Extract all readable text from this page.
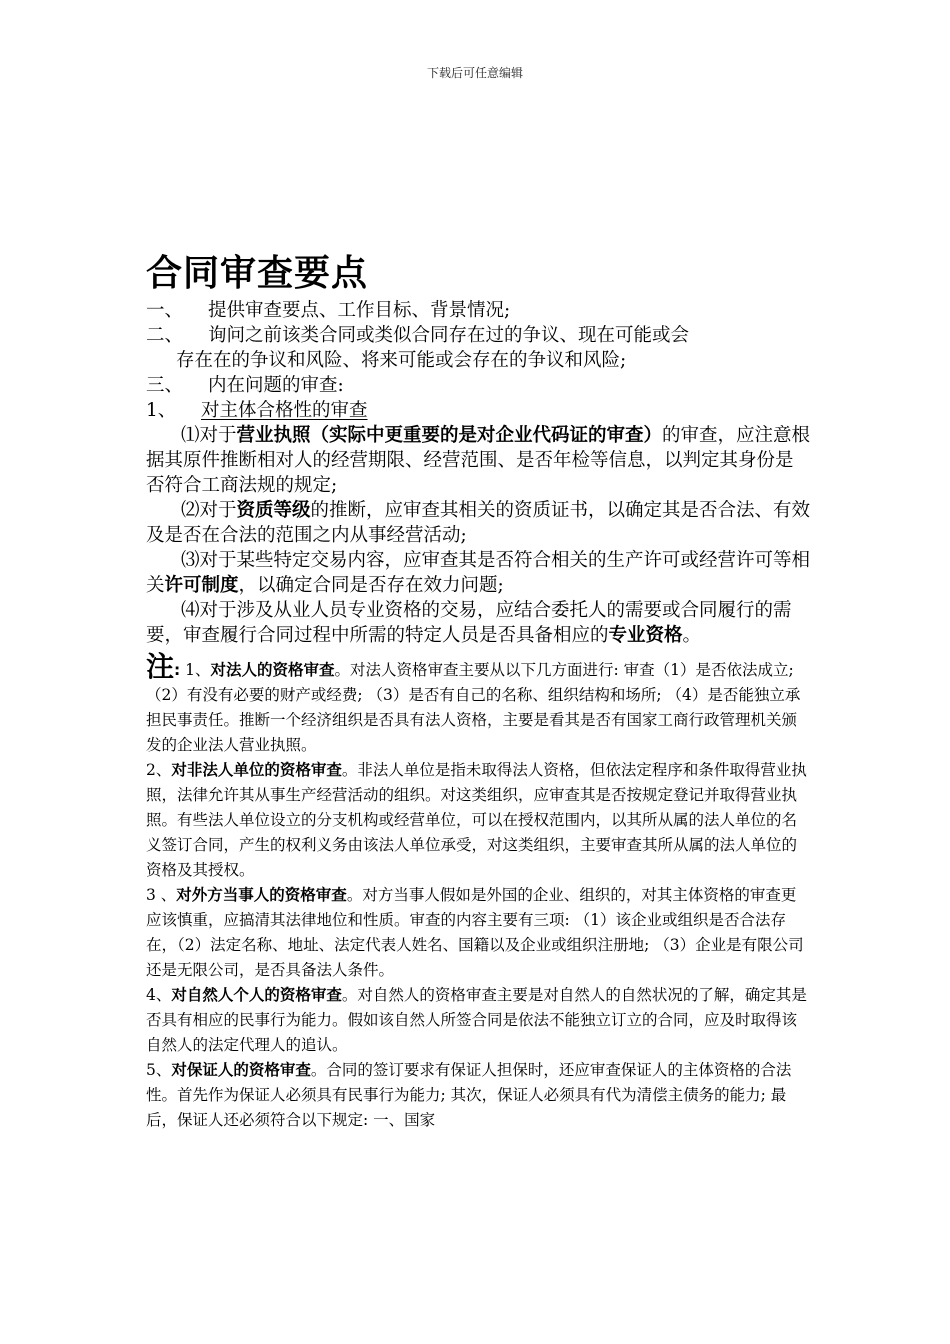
下载后可任意编辑
合同审查要点
一、 提供审查要点、工作目标、背景情况;
二、 询问之前该类合同或类似合同存在过的争议、现在可能或会
存在在的争议和风险、将来可能或会存在的争议和风险;
三、 内在问题的审查:
1、 对主体合格性的审查

⑴对于营业执照（实际中更重要的是对企业代码证的审查）的审查，应注意根据其原件推断相对人的经营期限、经营范围、是否年检等信息，以判定其身份是否符合工商法规的规定;

⑵对于资质等级的推断，应审查其相关的资质证书，以确定其是否合法、有效及是否在合法的范围之内从事经营活动;

⑶对于某些特定交易内容，应审查其是否符合相关的生产许可或经营许可等相关许可制度，以确定合同是否存在效力问题;

⑷对于涉及从业人员专业资格的交易，应结合委托人的需要或合同履行的需要，审查履行合同过程中所需的特定人员是否具备相应的专业资格。

注: 1、对法人的资格审查。对法人资格审查主要从以下几方面进行: 审查（1）是否依法成立; （2）有没有必要的财产或经费; （3）是否有自己的名称、组织结构和场所; （4）是否能独立承担民事责任。推断一个经济组织是否具有法人资格，主要是看其是否有国家工商行政管理机关颁发的企业法人营业执照。

2、对非法人单位的资格审查。非法人单位是指未取得法人资格，但依法定程序和条件取得营业执照，法律允许其从事生产经营活动的组织。对这类组织，应审查其是否按规定登记并取得营业执照。有些法人单位设立的分支机构或经营单位，可以在授权范围内，以其所从属的法人单位的名义签订合同，产生的权利义务由该法人单位承受，对这类组织，主要审查其所从属的法人单位的资格及其授权。

3 、对外方当事人的资格审查。对方当事人假如是外国的企业、组织的，对其主体资格的审查更应该慎重，应搞清其法律地位和性质。审查的内容主要有三项: （1）该企业或组织是否合法存在，（2）法定名称、地址、法定代表人姓名、国籍以及企业或组织注册地; （3）企业是有限公司还是无限公司，是否具备法人条件。

4、对自然人个人的资格审查。对自然人的资格审查主要是对自然人的自然状况的了解，确定其是否具有相应的民事行为能力。假如该自然人所签合同是依法不能独立订立的合同，应及时取得该自然人的法定代理人的追认。

5、对保证人的资格审查。合同的签订要求有保证人担保时，还应审查保证人的主体资格的合法性。首先作为保证人必须具有民事行为能力; 其次，保证人必须具有代为清偿主债务的能力; 最后，保证人还必须符合以下规定: 一、国家
